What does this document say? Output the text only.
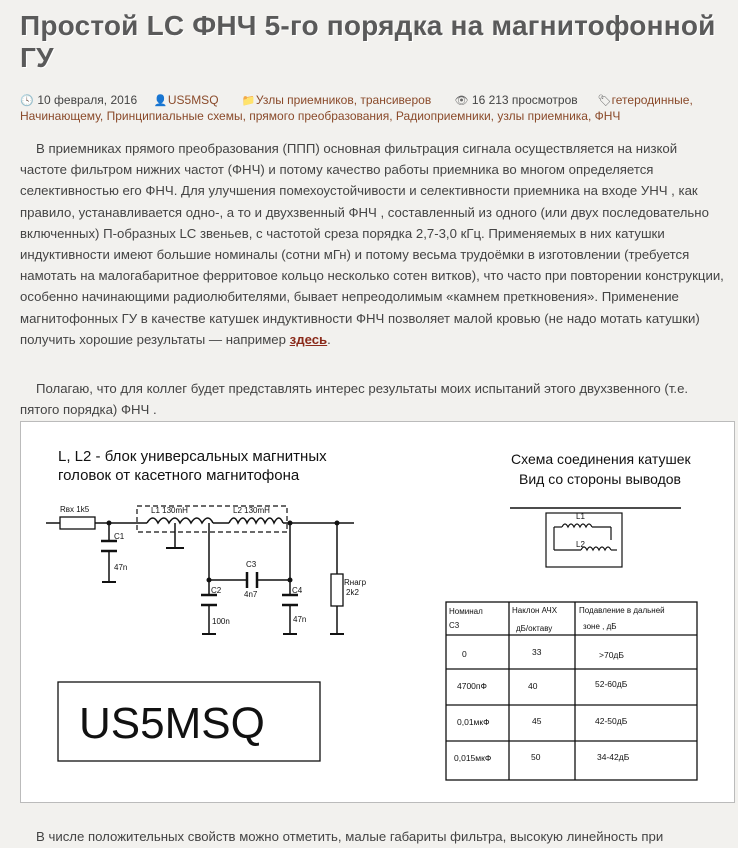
Простой LC ФНЧ 5-го порядка на магнитофонной ГУ
🕓 10 февраля, 2016 👤US5MSQ 📁Узлы приемников, трансиверов 👁 16 213 просмотров 🏷гетеродинные, Начинающему, Принципиальные схемы, прямого преобразования, Радиоприемники, узлы приемника, ФНЧ

В приемниках прямого преобразования (ППП) основная фильтрация сигнала осуществляется на низкой частоте фильтром нижних частот (ФНЧ) и потому качество работы приемника во многом определяется селективностью его ФНЧ. Для улучшения помехоустойчивости и селективности приемника на входе УНЧ , как правило, устанавливается одно-, а то и двухзвенный ФНЧ , составленный из одного (или двух последовательно включенных) П-образных LC звеньев, с частотой среза порядка 2,7-3,0 кГц. Применяемых в них катушки индуктивности имеют большие номиналы (сотни мГн) и потому весьма трудоёмки в изготовлении (требуется намотать на малогабаритное ферритовое кольцо несколько сотен витков), что часто при повторении конструкции, особенно начинающими радиолюбителями, бывает непреодолимым «камнем преткновения». Применение магнитофонных ГУ в качестве катушек индуктивности ФНЧ позволяет малой кровью (не надо мотать катушки) получить хорошие результаты — например здесь.

Полагаю, что для коллег будет представлять интерес результаты моих испытаний этого двухзвенного (т.е. пятого порядка) ФНЧ .

L, L2 - блок универсальных магнитных
головок от касетного магнитофона
Схема соединения катушек
Вид со стороны выводов
Rвх 1k5	L1 130mH	L2 130mH
C1
47n	C3
4n7
C2
100n
C4
47n
Rнагр
2k2
L1
L2
US5MSQ
Номинал
С3
Наклон АЧХ
дБ/октаву
Подавление в дальней
зоне , дБ
0	33	>70дБ
4700пФ	40	52-60дБ
0,01мкФ	45	42-50дБ
0,015мкФ	50	34-42дБ

В числе положительных свойств можно отметить, малые габариты фильтра, высокую линейность при
